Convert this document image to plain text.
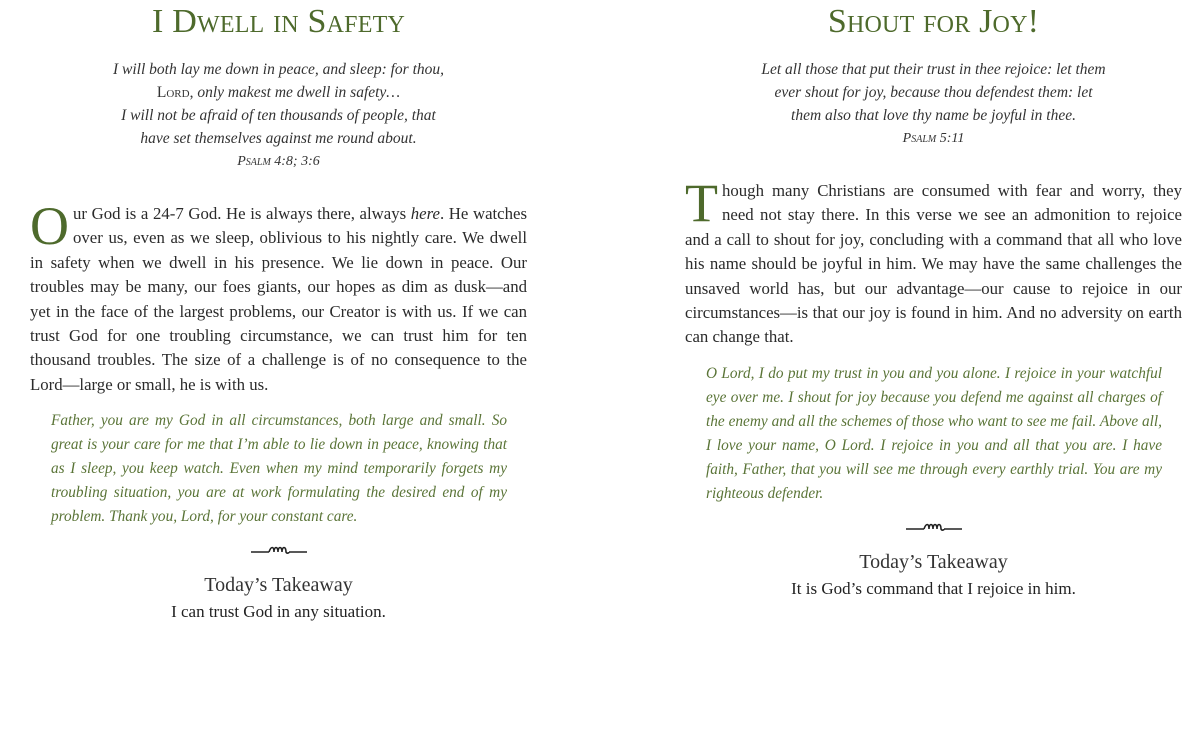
I Dwell in Safety
I will both lay me down in peace, and sleep: for thou,
Lord, only makest me dwell in safety…
I will not be afraid of ten thousands of people, that
have set themselves against me round about.
Psalm 4:8; 3:6

Our God is a 24-7 God. He is always there, always here. He watches over us, even as we sleep, oblivious to his nightly care. We dwell in safety when we dwell in his presence. We lie down in peace. Our troubles may be many, our foes giants, our hopes as dim as dusk—and yet in the face of the largest problems, our Creator is with us. If we can trust God for one troubling circumstance, we can trust him for ten thousand troubles. The size of a challenge is of no consequence to the Lord—large or small, he is with us.

Father, you are my God in all circumstances, both large and small. So great is your care for me that I’m able to lie down in peace, knowing that as I sleep, you keep watch. Even when my mind temporarily forgets my troubling situation, you are at work formulating the desired end of my problem. Thank you, Lord, for your constant care.

Today’s Takeaway
I can trust God in any situation.
Shout for Joy!
Let all those that put their trust in thee rejoice: let them
ever shout for joy, because thou defendest them: let
them also that love thy name be joyful in thee.
Psalm 5:11

Though many Christians are consumed with fear and worry, they need not stay there. In this verse we see an admonition to rejoice and a call to shout for joy, concluding with a command that all who love his name should be joyful in him. We may have the same challenges the unsaved world has, but our advantage—our cause to rejoice in our circumstances—is that our joy is found in him. And no adversity on earth can change that.

O Lord, I do put my trust in you and you alone. I rejoice in your watchful eye over me. I shout for joy because you defend me against all charges of the enemy and all the schemes of those who want to see me fail. Above all, I love your name, O Lord. I rejoice in you and all that you are. I have faith, Father, that you will see me through every earthly trial. You are my righteous defender.

Today’s Takeaway
It is God’s command that I rejoice in him.
